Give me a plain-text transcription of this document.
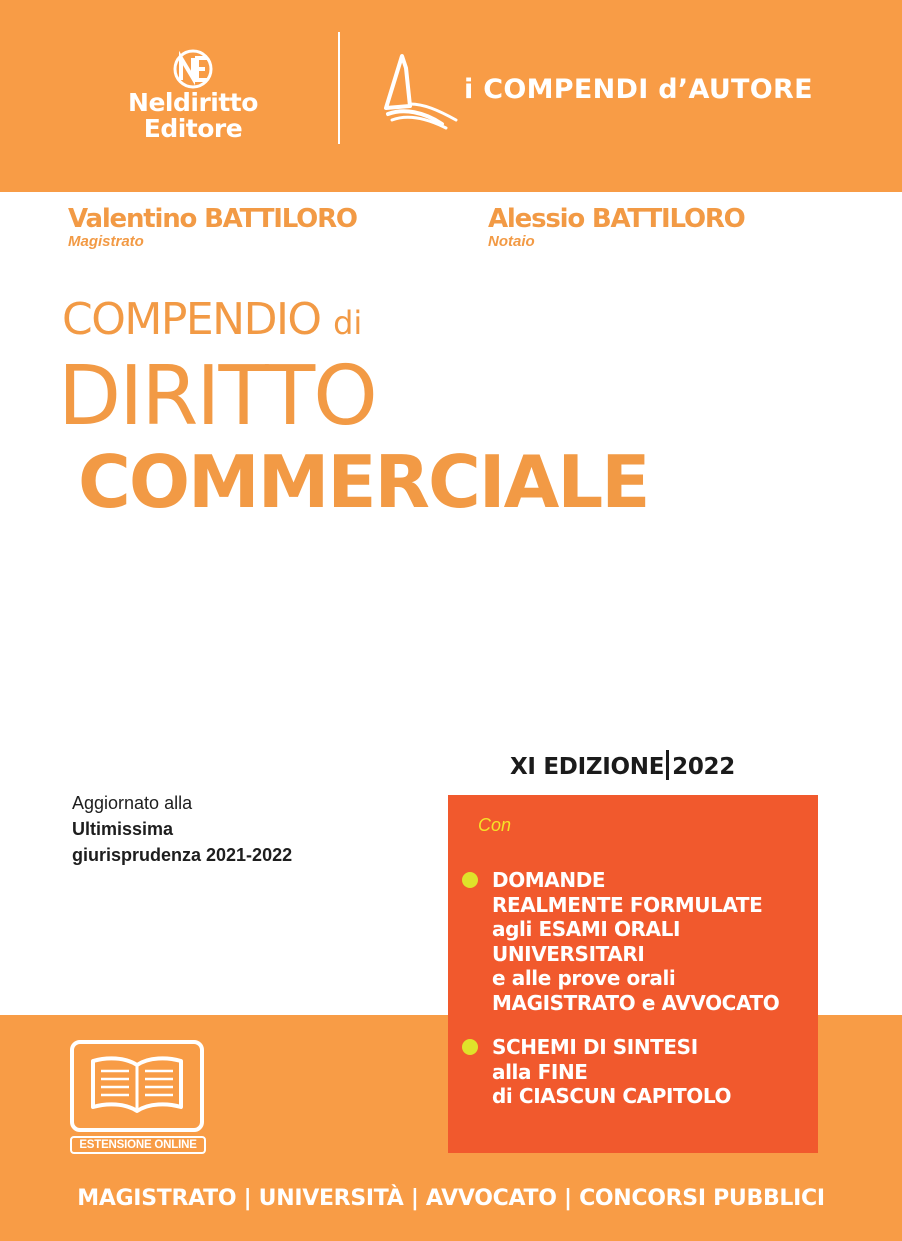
Neldiritto
Editore
i COMPENDI d’AUTORE
Valentino BATTILORO
Magistrato
Alessio BATTILORO
Notaio
COMPENDIO di
DIRITTO
COMMERCIALE
XI EDIZIONE 2022
Aggiornato alla
Ultimissima
giurisprudenza 2021-2022
Con
DOMANDE
REALMENTE FORMULATE
agli ESAMI ORALI
UNIVERSITARI
e alle prove orali
MAGISTRATO e AVVOCATO
SCHEMI DI SINTESI
alla FINE
di CIASCUN CAPITOLO
ESTENSIONE ONLINE
MAGISTRATO | UNIVERSITÀ | AVVOCATO | CONCORSI PUBBLICI
